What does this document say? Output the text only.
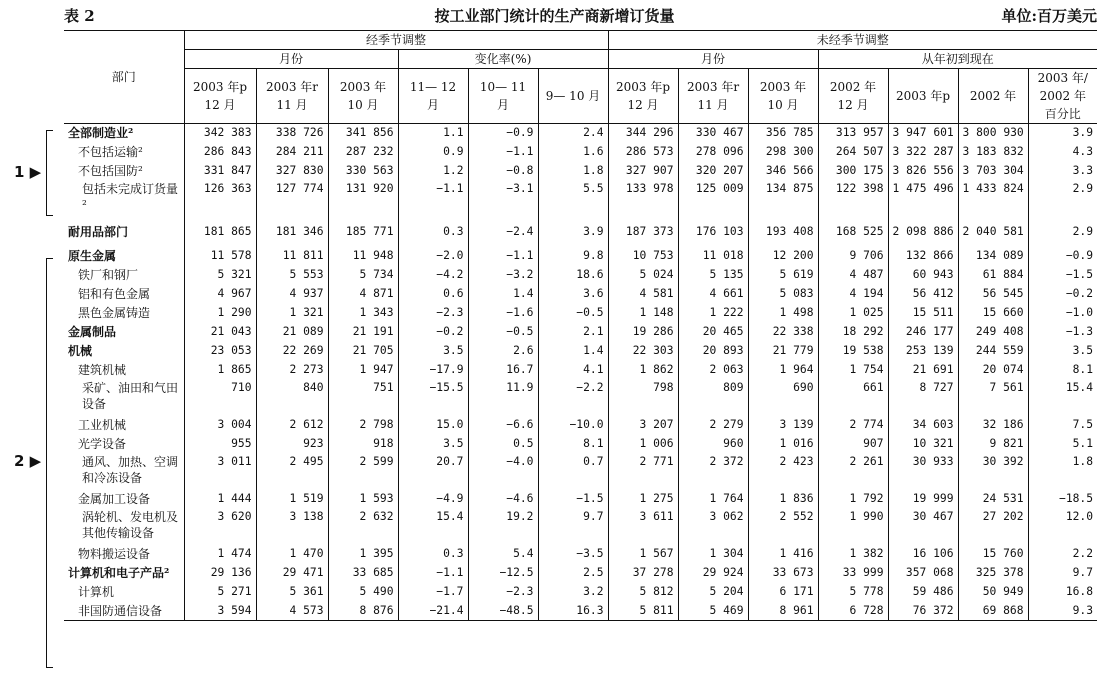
表 2	按工业部门统计的生产商新增订货量	单位:百万美元
部门	经季节调整						未经季节调整						
	月份			变化率(%)			月份			从年初到现在			
	2003 年p 12 月	2003 年r 11 月	2003 年 10 月	11— 12 月	10— 11 月	9— 10 月	2003 年p 12 月	2003 年r 11 月	2003 年 10 月	2002 年 12 月	2003 年p	2002 年	2003 年/ 2002 年 百分比
全部制造业²	342 383	338 726	341 856	1.1	−0.9	2.4	344 296	330 467	356 785	313 957	3 947 601	3 800 930	3.9
不包括运输²	286 843	284 211	287 232	0.9	−1.1	1.6	286 573	278 096	298 300	264 507	3 322 287	3 183 832	4.3
不包括国防²	331 847	327 830	330 563	1.2	−0.8	1.8	327 907	320 207	346 566	300 175	3 826 556	3 703 304	3.3
包括未完成订货量²	126 363	127 774	131 920	−1.1	−3.1	5.5	133 978	125 009	134 875	122 398	1 475 496	1 433 824	2.9
耐用品部门	181 865	181 346	185 771	0.3	−2.4	3.9	187 373	176 103	193 408	168 525	2 098 886	2 040 581	2.9
原生金属	11 578	11 811	11 948	−2.0	−1.1	9.8	10 753	11 018	12 200	9 706	132 866	134 089	−0.9
铁厂和钢厂	5 321	5 553	5 734	−4.2	−3.2	18.6	5 024	5 135	5 619	4 487	60 943	61 884	−1.5
铝和有色金属	4 967	4 937	4 871	0.6	1.4	3.6	4 581	4 661	5 083	4 194	56 412	56 545	−0.2
黑色金属铸造	1 290	1 321	1 343	−2.3	−1.6	−0.5	1 148	1 222	1 498	1 025	15 511	15 660	−1.0
金属制品	21 043	21 089	21 191	−0.2	−0.5	2.1	19 286	20 465	22 338	18 292	246 177	249 408	−1.3
机械	23 053	22 269	21 705	3.5	2.6	1.4	22 303	20 893	21 779	19 538	253 139	244 559	3.5
建筑机械	1 865	2 273	1 947	−17.9	16.7	4.1	1 862	2 063	1 964	1 754	21 691	20 074	8.1
采矿、油田和气田设备	710	840	751	−15.5	11.9	−2.2	798	809	690	661	8 727	7 561	15.4
工业机械	3 004	2 612	2 798	15.0	−6.6	−10.0	3 207	2 279	3 139	2 774	34 603	32 186	7.5
光学设备	955	923	918	3.5	0.5	8.1	1 006	960	1 016	907	10 321	9 821	5.1
通风、加热、空调和冷冻设备	3 011	2 495	2 599	20.7	−4.0	0.7	2 771	2 372	2 423	2 261	30 933	30 392	1.8
金属加工设备	1 444	1 519	1 593	−4.9	−4.6	−1.5	1 275	1 764	1 836	1 792	19 999	24 531	−18.5
涡轮机、发电机及其他传输设备	3 620	3 138	2 632	15.4	19.2	9.7	3 611	3 062	2 552	1 990	30 467	27 202	12.0
物料搬运设备	1 474	1 470	1 395	0.3	5.4	−3.5	1 567	1 304	1 416	1 382	16 106	15 760	2.2
计算机和电子产品²	29 136	29 471	33 685	−1.1	−12.5	2.5	37 278	29 924	33 673	33 999	357 068	325 378	9.7
计算机	5 271	5 361	5 490	−1.7	−2.3	3.2	5 812	5 204	6 171	5 778	59 486	50 949	16.8
非国防通信设备	3 594	4 573	8 876	−21.4	−48.5	16.3	5 811	5 469	8 961	6 728	76 372	69 868	9.3
1 ▶
2 ▶
